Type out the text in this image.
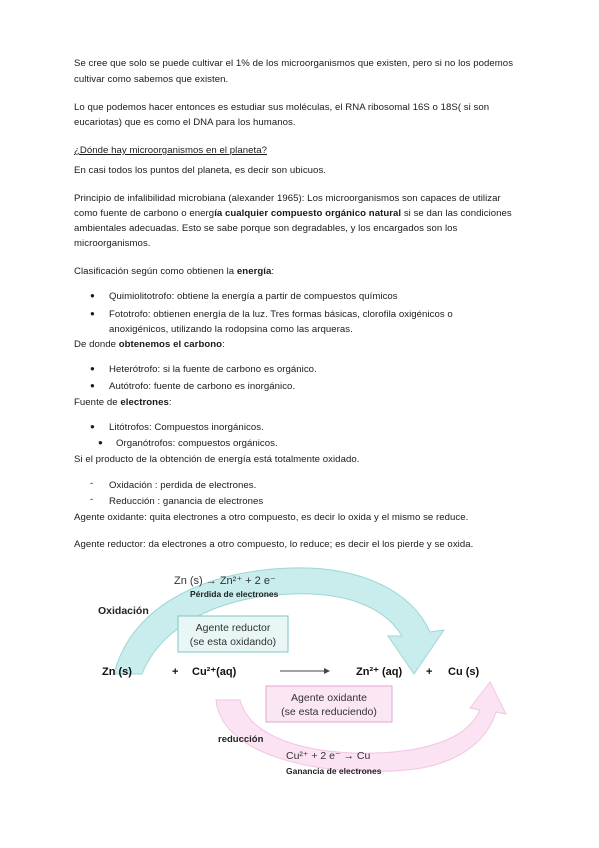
Se cree que solo se puede cultivar el 1% de los microorganismos que existen, pero si no los podemos
cultivar como sabemos que existen.
Lo que podemos hacer entonces es estudiar sus moléculas, el RNA ribosomal 16S o 18S( si son
eucariotas) que es como el DNA para los humanos.
¿Dónde hay microorganismos en el planeta?
En casi todos los puntos del planeta, es decir son ubicuos.
Principio de infalibilidad microbiana (alexander 1965): Los microorganismos son capaces de utilizar
como fuente de carbono o energía cualquier compuesto orgánico natural si se dan las condiciones
ambientales adecuadas. Esto se sabe porque son degradables, y los encargados son los
microorganismos.
Clasificación según como obtienen la energía:
● Quimiolitotrofo: obtiene la energía a partir de compuestos químicos
● Fototrofo: obtienen energía de la luz. Tres formas básicas, clorofila oxigénicos o
anoxigénicos, utilizando la rodopsina como las arqueras.
De donde obtenemos el carbono:
● Heterótrofo: si la fuente de carbono es orgánico.
● Autótrofo: fuente de carbono es inorgánico.
Fuente de electrones:
● Litótrofos: Compuestos inorgánicos.
● Organótrofos: compuestos orgánicos.
Si el producto de la obtención de energía está totalmente oxidado.
- Oxidación : perdida de electrones.
- Reducción : ganancia de electrones
Agente oxidante: quita electrones a otro compuesto, es decir lo oxida y el mismo se reduce.
Agente reductor: da electrones a otro compuesto, lo reduce; es decir el los pierde y se oxida.
Zn (s) → Zn²⁺ + 2 e⁻
Pérdida de electrones
Oxidación
Agente reductor
(se esta oxidando)
Zn (s)	+ Cu²⁺(aq)	Zn²⁺ (aq) + Cu (s)
Agente oxidante
(se esta reduciendo)
reducción
Cu²⁺ + 2 e⁻ → Cu
Ganancia de electrones
